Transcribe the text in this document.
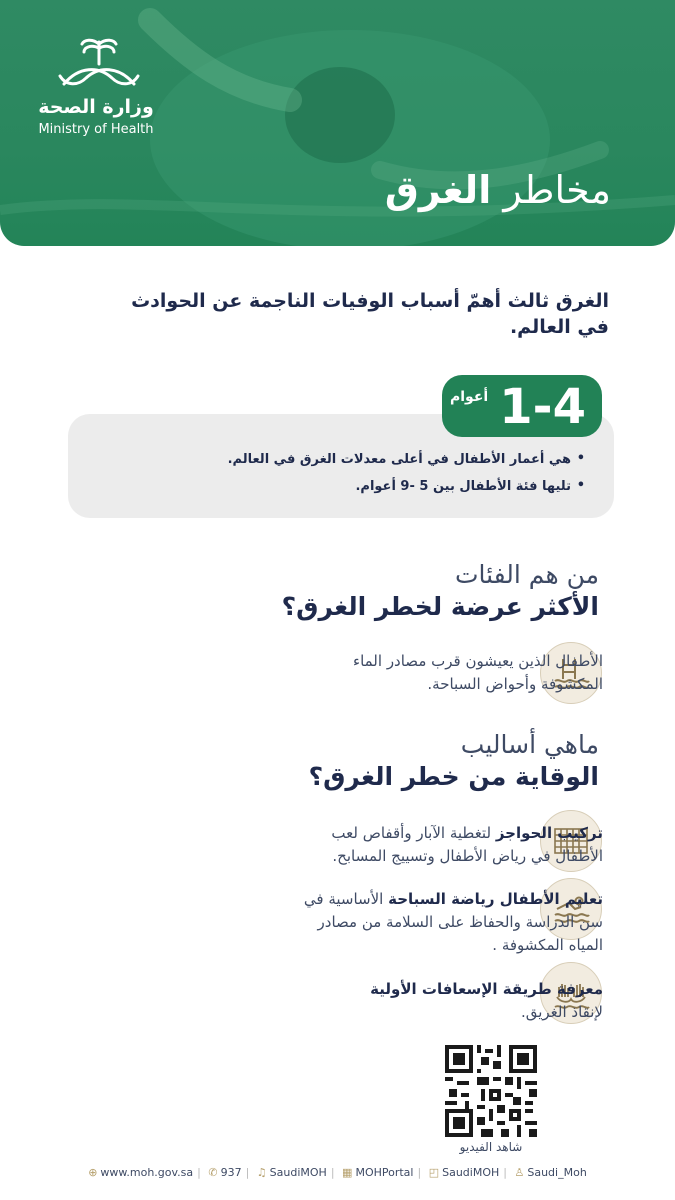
وزارة الصحة
Ministry of Health
مخاطر الغرق
الغرق ثالث أهمّ أسباب الوفيات الناجمة عن الحوادث
في العالم.
1-4
أعوام
• هي أعمار الأطفال في أعلى معدلات الغرق في العالم.
• تليها فئة الأطفال بين 5 -9 أعوام.
من هم الفئات
الأكثر عرضة لخطر الغرق؟
الأطفال الذين يعيشون قرب مصادر الماء
المكشوفة وأحواض السباحة.
ماهي أساليب
الوقاية من خطر الغرق؟
تركيب الحواجز لتغطية الآبار وأقفاص لعب
الأطفال في رياض الأطفال وتسييج المسابح.
تعليم الأطفال رياضة السباحة الأساسية في
سن الدراسة والحفاظ على السلامة من مصادر
المياه المكشوفة .
معرفة طريقة الإسعافات الأولية
لإنقاذ الغريق.
شاهد الفيديو
⊕ www.moh.gov.sa | ✆ 937 | ♫ SaudiMOH | ▦ MOHPortal | ◰ SaudiMOH | ♙ Saudi_Moh
